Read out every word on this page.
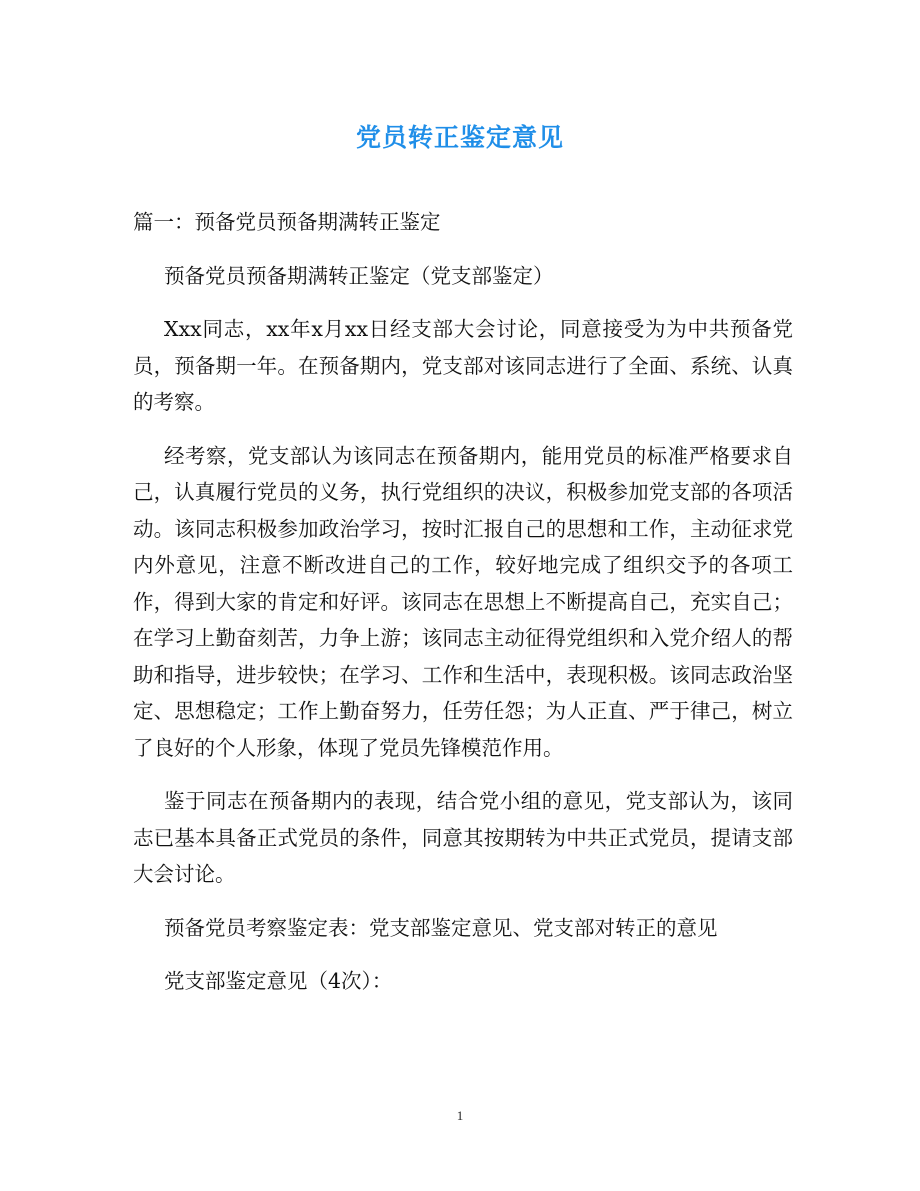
党员转正鉴定意见

篇一：预备党员预备期满转正鉴定

预备党员预备期满转正鉴定（党支部鉴定）

Xxx同志，xx年x月xx日经支部大会讨论，同意接受为为中共预备党员，预备期一年。在预备期内，党支部对该同志进行了全面、系统、认真的考察。

经考察，党支部认为该同志在预备期内，能用党员的标准严格要求自己，认真履行党员的义务，执行党组织的决议，积极参加党支部的各项活动。该同志积极参加政治学习，按时汇报自己的思想和工作，主动征求党内外意见，注意不断改进自己的工作，较好地完成了组织交予的各项工作，得到大家的肯定和好评。该同志在思想上不断提高自己，充实自己；在学习上勤奋刻苦，力争上游；该同志主动征得党组织和入党介绍人的帮助和指导，进步较快；在学习、工作和生活中，表现积极。该同志政治坚定、思想稳定；工作上勤奋努力，任劳任怨；为人正直、严于律己，树立了良好的个人形象，体现了党员先锋模范作用。

鉴于同志在预备期内的表现，结合党小组的意见，党支部认为，该同志已基本具备正式党员的条件，同意其按期转为中共正式党员，提请支部大会讨论。

预备党员考察鉴定表：党支部鉴定意见、党支部对转正的意见

党支部鉴定意见（4次）：

1
